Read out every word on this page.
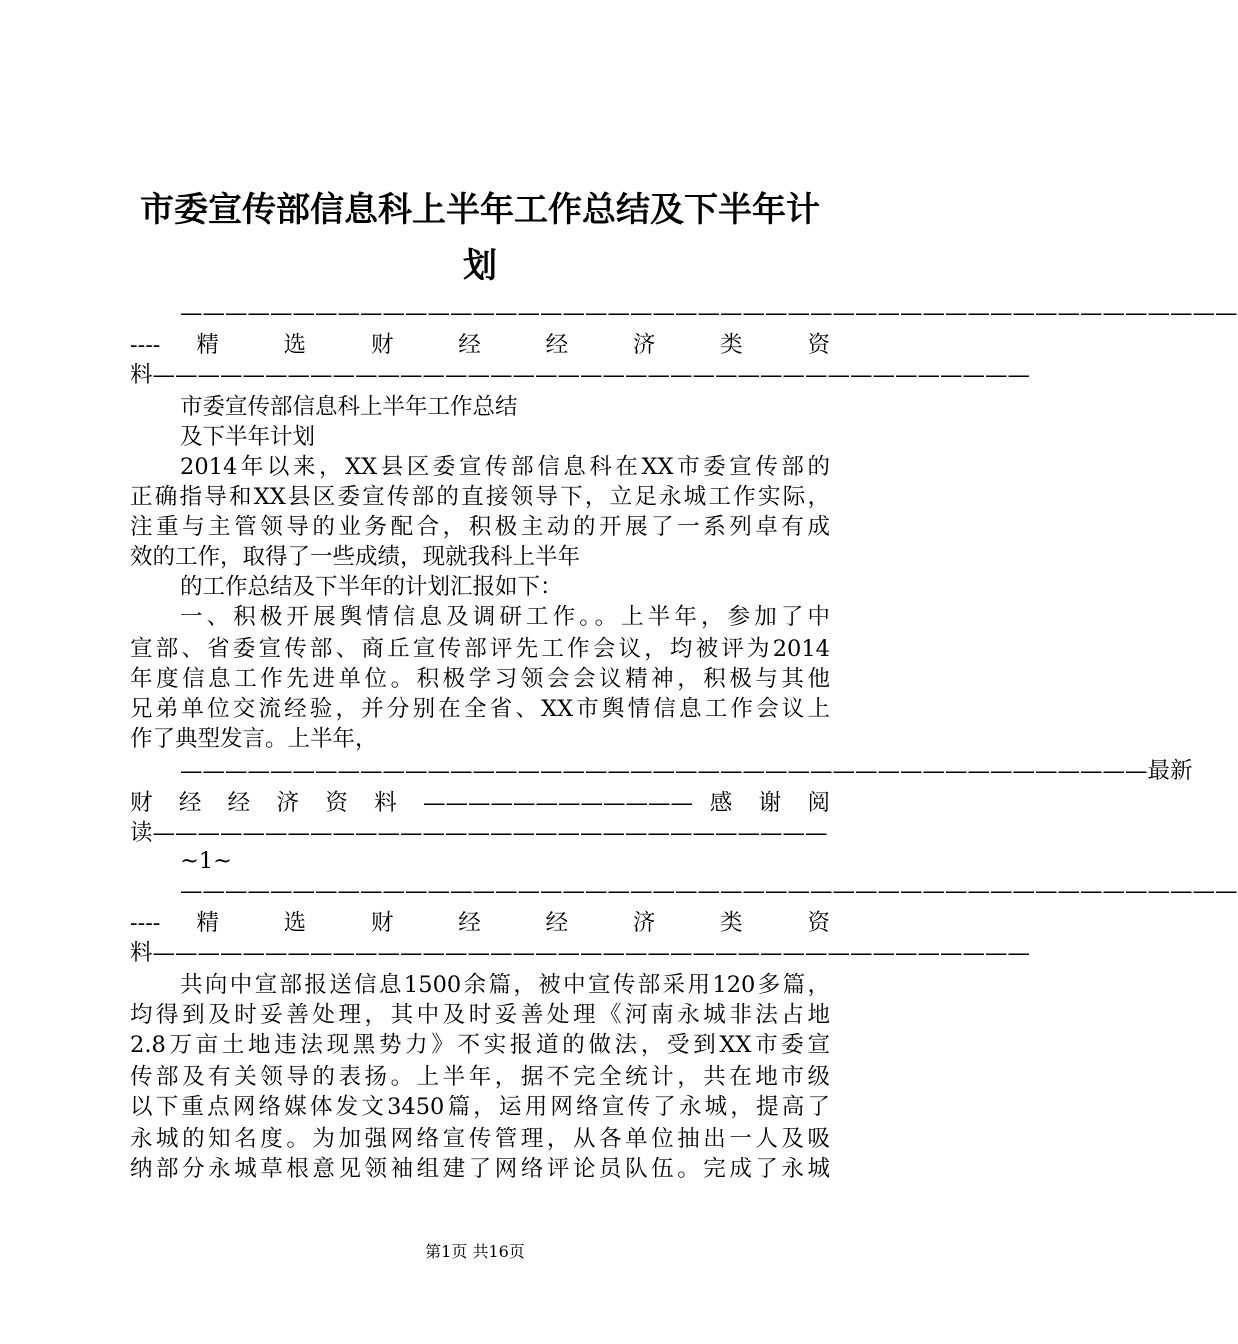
市委宣传部信息科上半年工作总结及下半年计
划
———————————————————————————————————————————————
---- 精 选 财 经 经 济 类 资
料———————————————————————————————————————
市委宣传部信息科上半年工作总结
及下半年计划
2014年以来，XX县区委宣传部信息科在XX市委宣传部的
正确指导和XX县区委宣传部的直接领导下，立足永城工作实际，
注重与主管领导的业务配合，积极主动的开展了一系列卓有成
效的工作，取得了一些成绩，现就我科上半年
的工作总结及下半年的计划汇报如下：
一、积极开展舆情信息及调研工作。。上半年，参加了中
宣部、省委宣传部、商丘宣传部评先工作会议，均被评为2014
年度信息工作先进单位。积极学习领会会议精神，积极与其他
兄弟单位交流经验，并分别在全省、XX市舆情信息工作会议上
作了典型发言。上半年，
———————————————————————————————————————————最新
财 经 经 济 资 料 ———————————— 感 谢 阅
读——————————————————————————————
~1~
———————————————————————————————————————————————
---- 精 选 财 经 经 济 类 资
料———————————————————————————————————————
共向中宣部报送信息1500余篇，被中宣传部采用120多篇，
均得到及时妥善处理，其中及时妥善处理《河南永城非法占地
2.8万亩土地违法现黑势力》不实报道的做法，受到XX市委宣
传部及有关领导的表扬。上半年，据不完全统计，共在地市级
以下重点网络媒体发文3450篇，运用网络宣传了永城，提高了
永城的知名度。为加强网络宣传管理，从各单位抽出一人及吸
纳部分永城草根意见领袖组建了网络评论员队伍。完成了永城
第1页 共16页
